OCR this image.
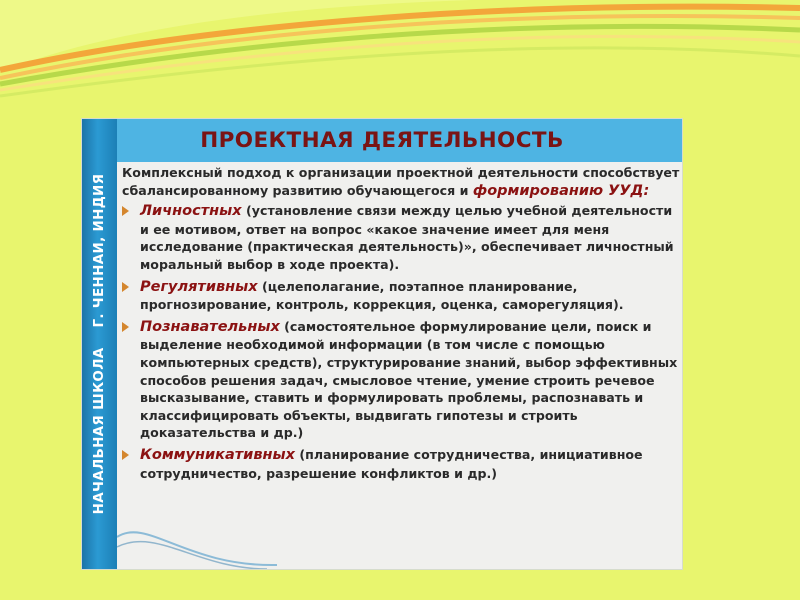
НАЧАЛЬНАЯ ШКОЛА    Г. ЧЕННАИ, ИНДИЯ
ПРОЕКТНАЯ ДЕЯТЕЛЬНОСТЬ

Комплексный подход к организации проектной деятельности способствует сбалансированному развитию обучающегося и формированию УУД:

Личностных (установление связи между целью учебной деятельности и ее мотивом, ответ на вопрос «какое значение имеет для меня исследование (практическая деятельность)», обеспечивает личностный моральный выбор в ходе проекта).
Регулятивных (целеполагание, поэтапное планирование, прогнозирование, контроль, коррекция, оценка, саморегуляция).
Познавательных (самостоятельное формулирование цели, поиск и выделение необходимой информации (в том числе с помощью компьютерных средств), структурирование знаний, выбор эффективных способов решения задач, смысловое чтение, умение строить речевое высказывание, ставить и формулировать проблемы, распознавать и классифицировать объекты, выдвигать гипотезы и строить доказательства и др.)
Коммуникативных (планирование сотрудничества, инициативное сотрудничество, разрешение конфликтов и др.)
